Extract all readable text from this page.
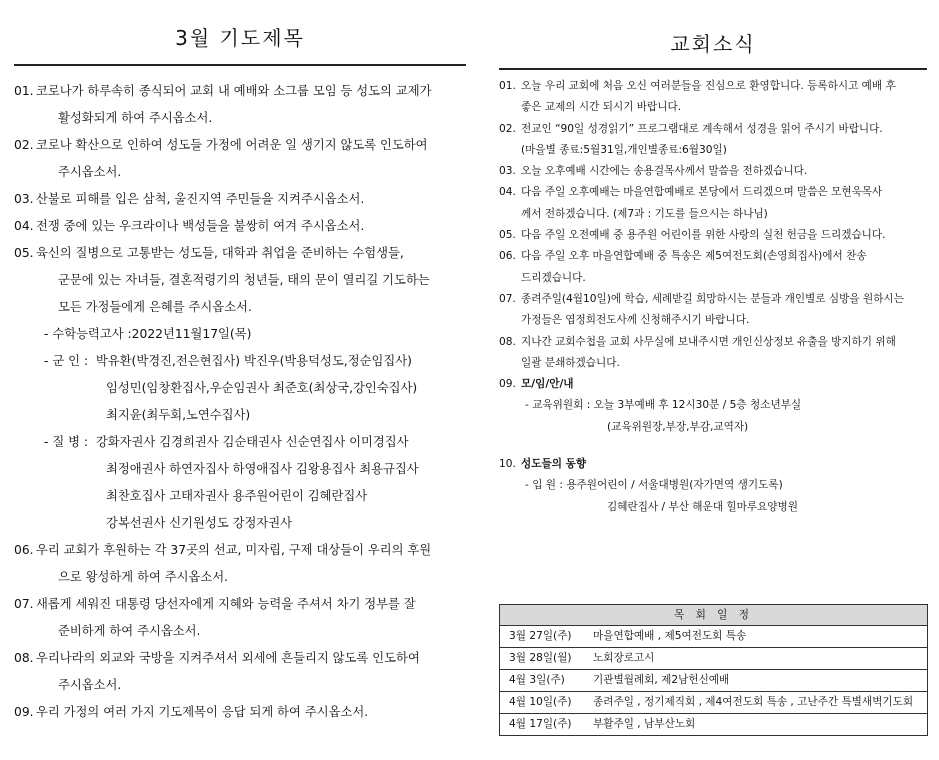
3월 기도제목
01. 코로나가 하루속히 종식되어 교회 내 예배와 소그룹 모임 등 성도의 교제가
활성화되게 하여 주시옵소서.
02. 코로나 확산으로 인하여 성도들 가정에 어려운 일 생기지 않도록 인도하여
주시옵소서.
03. 산불로 피해를 입은 삼척, 울진지역 주민들을 지켜주시옵소서.
04. 전쟁 중에 있는 우크라이나 백성들을 불쌍히 여겨 주시옵소서.
05. 육신의 질병으로 고통받는 성도들, 대학과 취업을 준비하는 수험생들,
군문에 있는 자녀들, 결혼적령기의 청년들, 태의 문이 열리길 기도하는
모든 가정들에게 은혜를 주시옵소서.
- 수학능력고사 : 2022년11월17일(목)
- 군 인 : 박유환(박경진,전은현집사) 박진우(박용덕성도,정순임집사)
임성민(임창환집사,우순임권사 최준호(최상국,강인숙집사)
최지윤(최두회,노연수집사)
- 질 병 : 강화자권사 김경희권사 김순태권사 신순연집사 이미경집사
최정애권사 하연자집사 하영애집사 김왕용집사 최용규집사
최찬호집사 고태자권사 용주원어린이 김혜란집사
강복선권사 신기원성도 강정자권사
06. 우리 교회가 후원하는 각 37곳의 선교, 미자립, 구제 대상들이 우리의 후원
으로 왕성하게 하여 주시옵소서.
07. 새롭게 세워진 대통령 당선자에게 지혜와 능력을 주셔서 차기 정부를 잘
준비하게 하여 주시옵소서.
08. 우리나라의 외교와 국방을 지켜주셔서 외세에 흔들리지 않도록 인도하여
주시옵소서.
09. 우리 가정의 여러 가지 기도제목이 응답 되게 하여 주시옵소서.
교회소식
01. 오늘 우리 교회에 처음 오신 여러분들을 진심으로 환영합니다. 등록하시고 예배 후
좋은 교제의 시간 되시기 바랍니다.
02. 전교인 “90일 성경읽기” 프로그램대로 계속해서 성경을 읽어 주시기 바랍니다.
(마을별 종료:5월31일,개인별종료:6월30일)
03. 오늘 오후예배 시간에는 송용걸목사께서 말씀을 전하겠습니다.
04. 다음 주일 오후예배는 마을연합예배로 본당에서 드리겠으며 말씀은 모현욱목사
께서 전하겠습니다. (제7과 : 기도를 들으시는 하나님)
05. 다음 주일 오전예배 중 용주원 어린이를 위한 사랑의 실천 헌금을 드리겠습니다.
06. 다음 주일 오후 마을연합예배 중 특송은 제5여전도회(손영희집사)에서 찬송
드리겠습니다.
07. 종려주일(4월10일)에 학습, 세례받길 희망하시는 분들과 개인별로 심방을 원하시는
가정들은 엽정희전도사께 신청해주시기 바랍니다.
08. 지나간 교회수첩을 교회 사무실에 보내주시면 개인신상정보 유출을 방지하기 위해
일괄 분쇄하겠습니다.
09. 모/임/안/내
- 교육위원회 : 오늘 3부예배 후 12시30분 / 5층 청소년부실
(교육위원장,부장,부감,교역자)
10. 성도들의 동향
- 입 원 : 용주원어린이 / 서울대병원(자가면역 생기도록)
김혜란집사 / 부산 해운대 힐마루요양병원
목 회 일 정
3월 27일(주)	마을연합예배 , 제5여전도회 특송
3월 28일(월)	노회장로고시
4월 3일(주)	기관별월례회, 제2남헌신예배
4월 10일(주)	종려주일 , 정기제직회 , 제4여전도회 특송 , 고난주간 특별새벽기도회
4월 17일(주)	부활주일 , 남부산노회
